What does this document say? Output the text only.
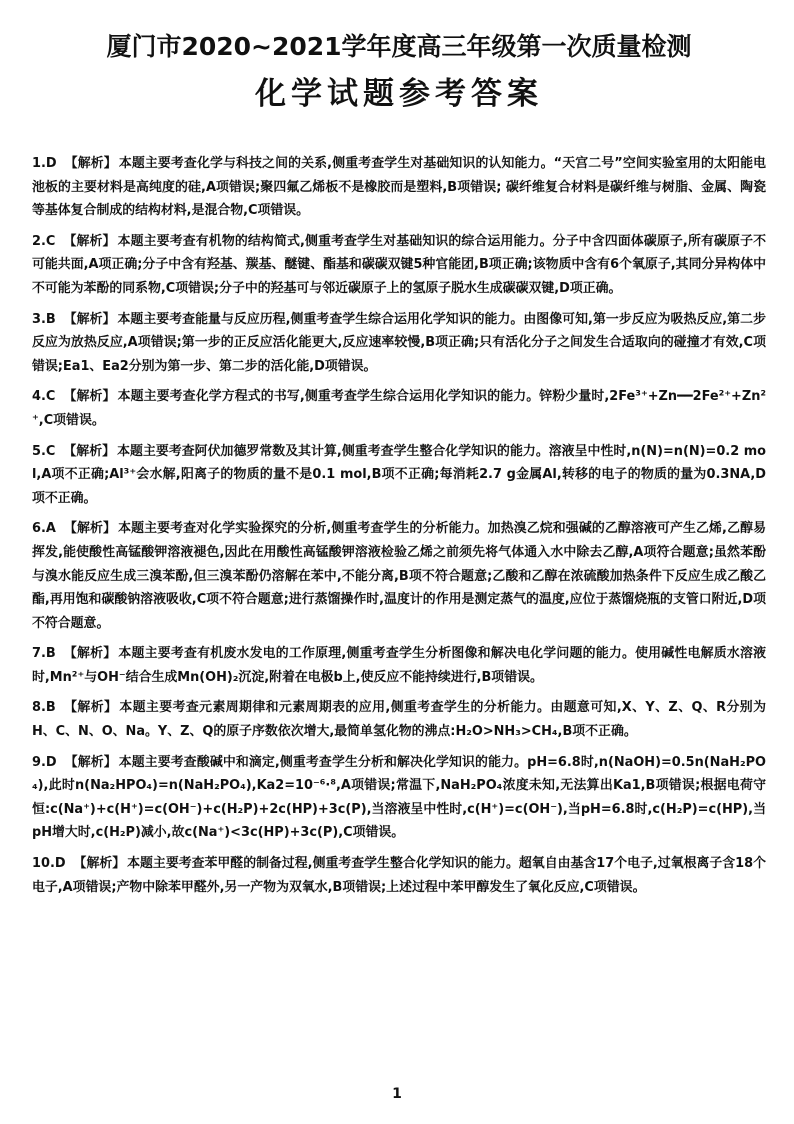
厦门市2020~2021学年度高三年级第一次质量检测
化学试题参考答案

1.D 【解析】 本题主要考查化学与科技之间的关系,侧重考查学生对基础知识的认知能力。“天宫二号”空间实验室用的太阳能电池板的主要材料是高纯度的硅,A项错误;聚四氟乙烯板不是橡胶而是塑料,B项错误; 碳纤维复合材料是碳纤维与树脂、金属、陶瓷等基体复合制成的结构材料,是混合物,C项错误。

2.C 【解析】 本题主要考查有机物的结构简式,侧重考查学生对基础知识的综合运用能力。分子中含四面体碳原子,所有碳原子不可能共面,A项正确;分子中含有羟基、羰基、醚键、酯基和碳碳双键5种官能团,B项正确;该物质中含有6个氧原子,其同分异构体中不可能为苯酚的同系物,C项错误;分子中的羟基可与邻近碳原子上的氢原子脱水生成碳碳双键,D项正确。

3.B 【解析】 本题主要考查能量与反应历程,侧重考查学生综合运用化学知识的能力。由图像可知,第一步反应为吸热反应,第二步反应为放热反应,A项错误;第一步的正反应活化能更大,反应速率较慢,B项正确;只有活化分子之间发生合适取向的碰撞才有效,C项错误;Ea1、Ea2分别为第一步、第二步的活化能,D项错误。

4.C 【解析】 本题主要考查化学方程式的书写,侧重考查学生综合运用化学知识的能力。锌粉少量时,2Fe³⁺+Zn━━2Fe²⁺+Zn²⁺,C项错误。

5.C 【解析】 本题主要考查阿伏加德罗常数及其计算,侧重考查学生整合化学知识的能力。溶液呈中性时,n(N)=n(N)=0.2 mol,A项不正确;Al³⁺会水解,阳离子的物质的量不是0.1 mol,B项不正确;每消耗2.7 g金属Al,转移的电子的物质的量为0.3NA,D项不正确。

6.A 【解析】 本题主要考查对化学实验探究的分析,侧重考查学生的分析能力。加热溴乙烷和强碱的乙醇溶液可产生乙烯,乙醇易挥发,能使酸性高锰酸钾溶液褪色,因此在用酸性高锰酸钾溶液检验乙烯之前须先将气体通入水中除去乙醇,A项符合题意;虽然苯酚与溴水能反应生成三溴苯酚,但三溴苯酚仍溶解在苯中,不能分离,B项不符合题意;乙酸和乙醇在浓硫酸加热条件下反应生成乙酸乙酯,再用饱和碳酸钠溶液吸收,C项不符合题意;进行蒸馏操作时,温度计的作用是测定蒸气的温度,应位于蒸馏烧瓶的支管口附近,D项不符合题意。

7.B 【解析】 本题主要考查有机废水发电的工作原理,侧重考查学生分析图像和解决电化学问题的能力。使用碱性电解质水溶液时,Mn²⁺与OH⁻结合生成Mn(OH)₂沉淀,附着在电极b上,使反应不能持续进行,B项错误。

8.B 【解析】 本题主要考查元素周期律和元素周期表的应用,侧重考查学生的分析能力。由题意可知,X、Y、Z、Q、R分别为H、C、N、O、Na。Y、Z、Q的原子序数依次增大,最简单氢化物的沸点:H₂O>NH₃>CH₄,B项不正确。

9.D 【解析】 本题主要考查酸碱中和滴定,侧重考查学生分析和解决化学知识的能力。pH=6.8时,n(NaOH)=0.5n(NaH₂PO₄),此时n(Na₂HPO₄)=n(NaH₂PO₄),Ka2=10⁻⁶·⁸,A项错误;常温下,NaH₂PO₄浓度未知,无法算出Ka1,B项错误;根据电荷守恒:c(Na⁺)+c(H⁺)=c(OH⁻)+c(H₂P)+2c(HP)+3c(P),当溶液呈中性时,c(H⁺)=c(OH⁻),当pH=6.8时,c(H₂P)=c(HP),当pH增大时,c(H₂P)减小,故c(Na⁺)<3c(HP)+3c(P),C项错误。

10.D 【解析】 本题主要考查苯甲醛的制备过程,侧重考查学生整合化学知识的能力。超氧自由基含17个电子,过氧根离子含18个电子,A项错误;产物中除苯甲醛外,另一产物为双氧水,B项错误;上述过程中苯甲醇发生了氧化反应,C项错误。

1
